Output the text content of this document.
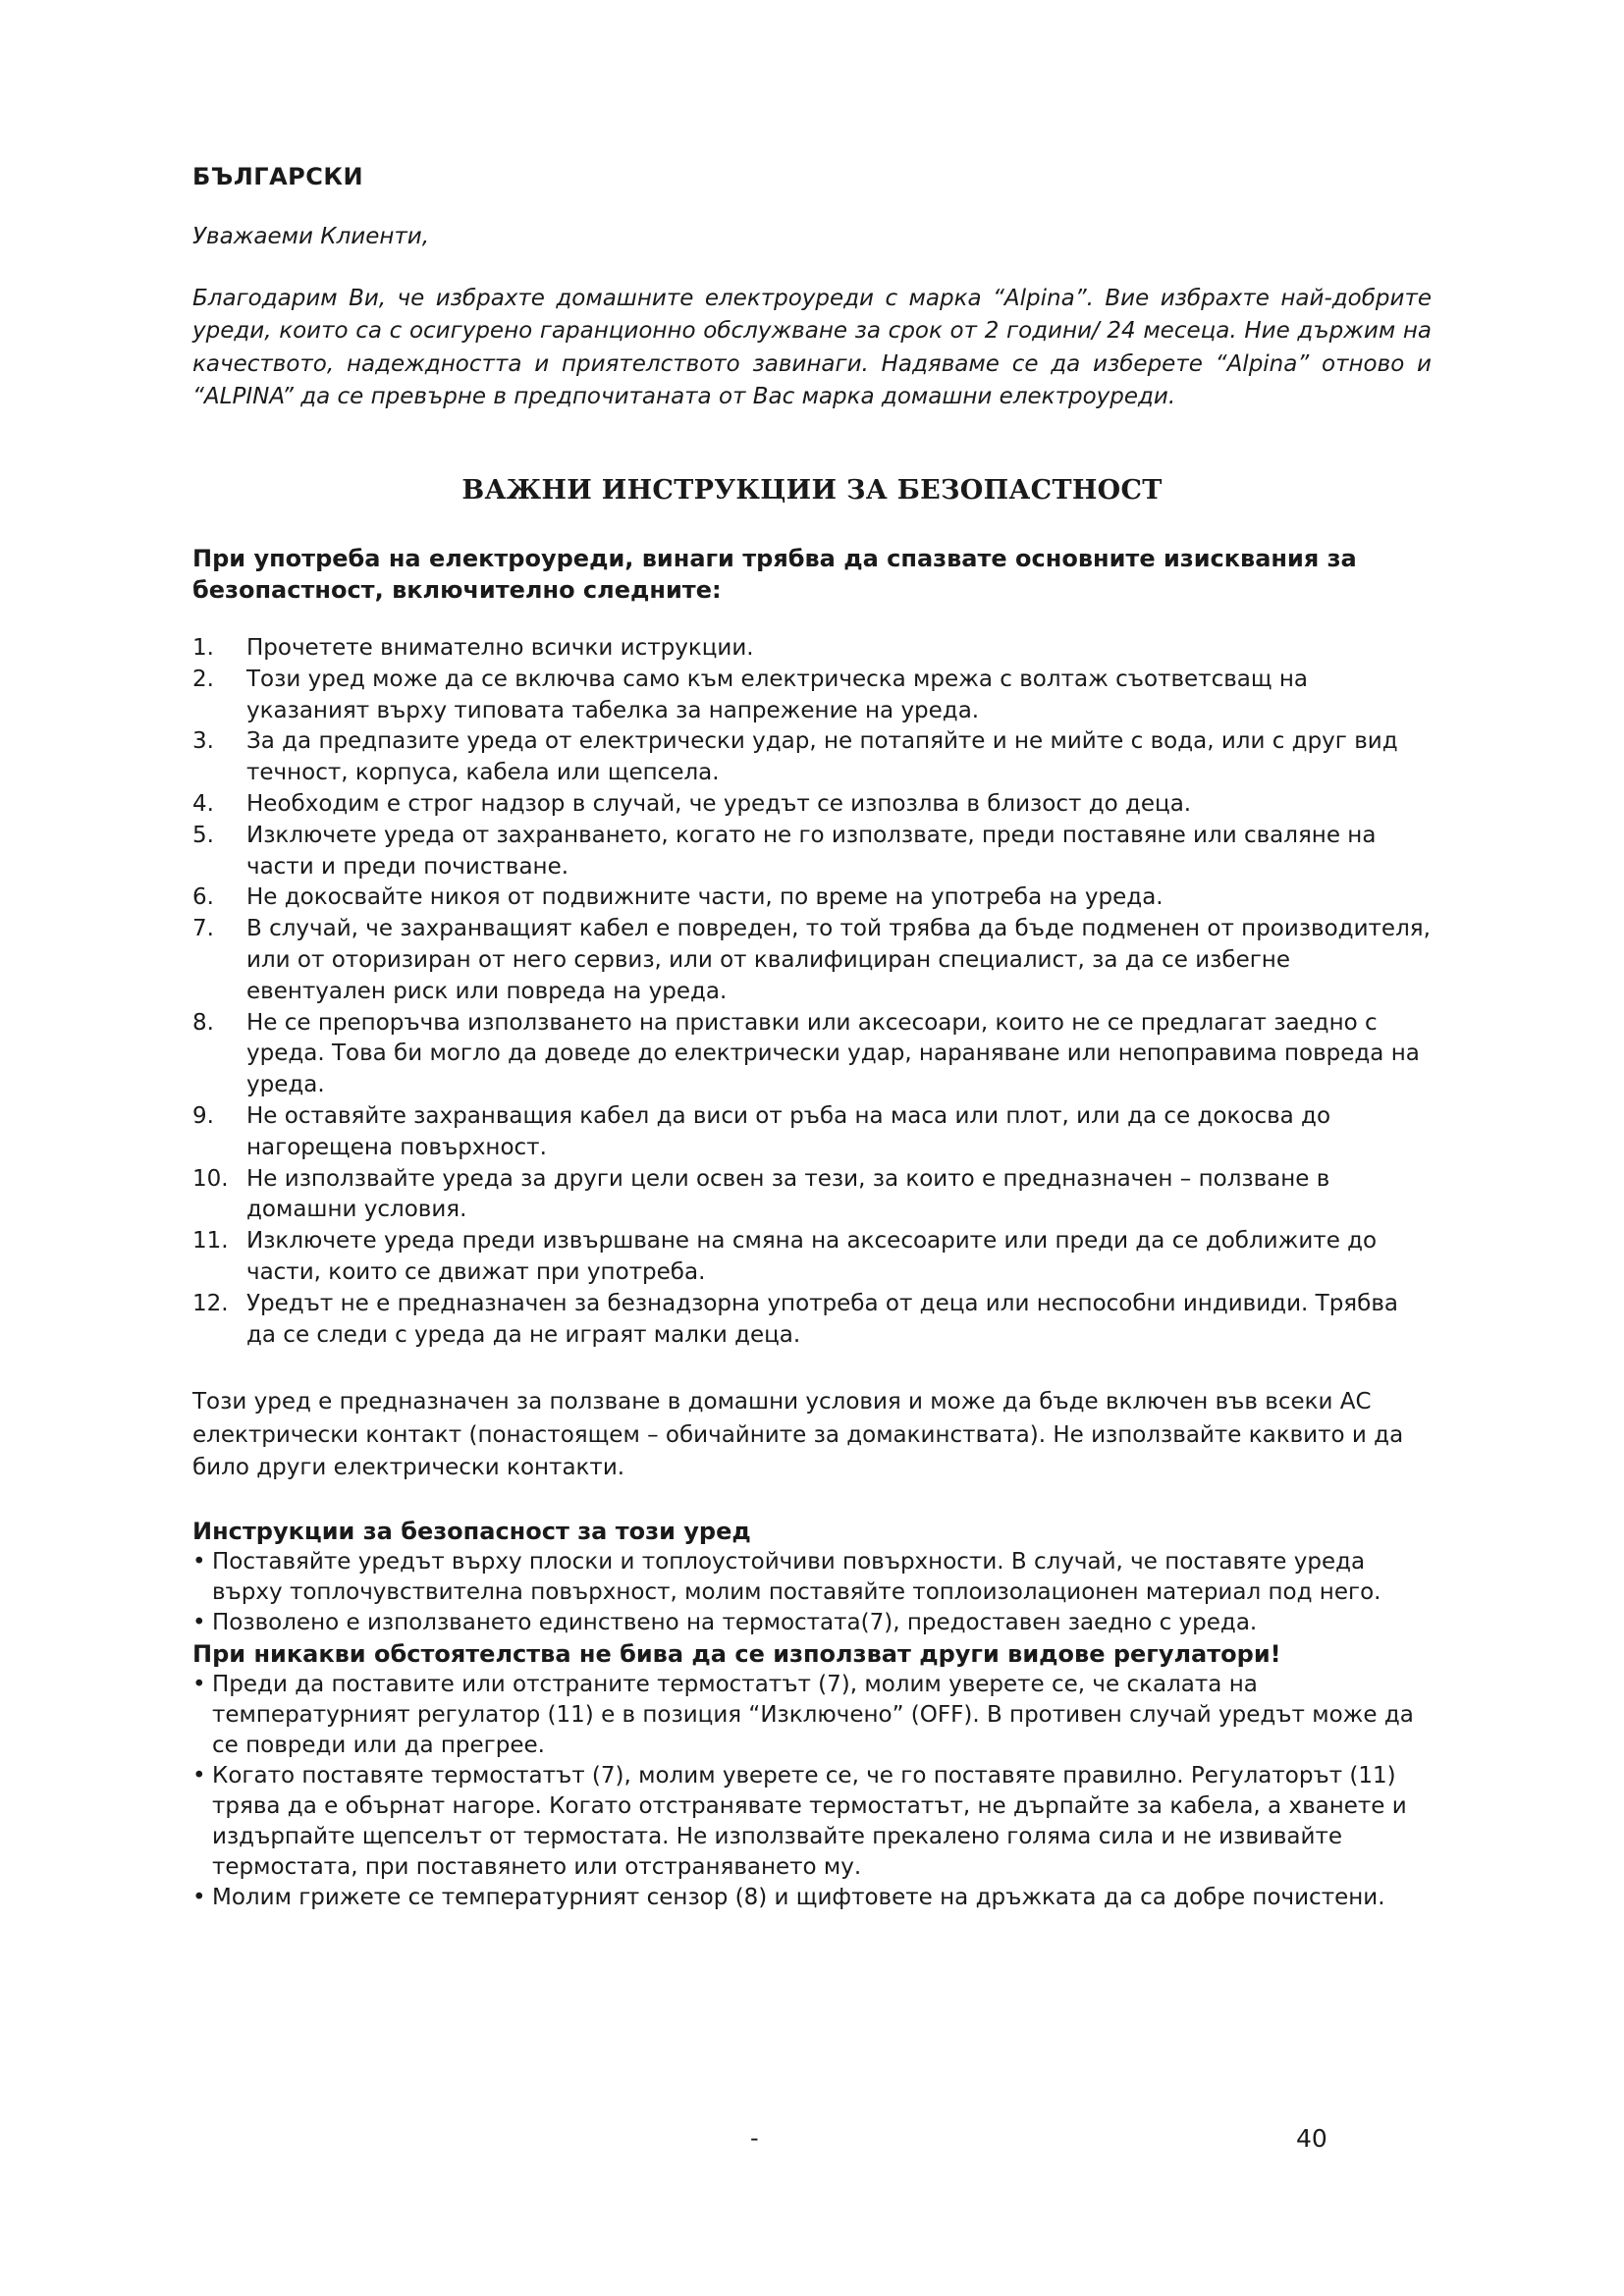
БЪЛГАРСКИ
Уважаеми Клиенти,

Благодарим Ви, че избрахте домашните електроуреди с марка “Alpina”. Вие избрахте най-добрите уреди, които са с осигурено гаранционно обслужване за срок от 2 години/ 24 месеца. Ние държим на качеството, надеждността и приятелството завинаги. Надяваме се да изберете “Alpina” отново и “ALPINA” да се превърне в предпочитаната от Вас марка домашни електроуреди.

ВАЖНИ ИНСТРУКЦИИ ЗА БЕЗОПАСТНОСТ

При употреба на електроуреди, винаги трябва да спазвате основните изисквания за безопастност, включително следните:

1. Прочетете внимателно всички иструкции.
2. Този уред може да се включва само към електрическа мрежа с волтаж съответсващ на указаният върху типовата табелка за напрежение на уреда.
3. За да предпазите уреда от електрически удар, не потапяйте и не мийте с вода, или с друг вид течност, корпуса, кабела или щепсела.
4. Необходим е строг надзор в случай, че уредът се изпозлва в близост до деца.
5. Изключете уреда от захранването, когато не го използвате, преди поставяне или сваляне на части и преди почистване.
6. Не докосвайте никоя от подвижните части, по време на употреба на уреда.
7. В случай, че захранващият кабел е повреден, то той трябва да бъде подменен от производителя, или от оторизиран от него сервиз, или от квалифициран специалист, за да се избегне евентуален риск или повреда на уреда.
8. Не се препоръчва използването на приставки или аксесоари, които не се предлагат заедно с уреда. Това би могло да доведе до електрически удар, нараняване или непоправима повреда на уреда.
9. Не оставяйте захранващия кабел да виси от ръба на маса или плот, или да се докосва до нагорещена повърхност.
10. Не използвайте уреда за други цели освен за тези, за които е предназначен – ползване в домашни условия.
11. Изключете уреда преди извършване на смяна на аксесоарите или преди да се доближите до части, които се движат при употреба.
12. Уредът не е предназначен за безнадзорна употреба от деца или неспособни индивиди. Трябва да се следи с уреда да не играят малки деца.

Този уред е предназначен за ползване в домашни условия и може да бъде включен във всеки АС електрически контакт (понастоящем – обичайните за домакинствата). Не използвайте каквито и да било други електрически контакти.

Инструкции за безопасност за този уред
• Поставяйте уредът върху плоски и топлоустойчиви повърхности. В случай, че поставяте уреда върху топлочувствителна повърхност, молим поставяйте топлоизолационен материал под него.
• Позволено е използването единствено на термостата(7), предоставен заедно с уреда.

При никакви обстоятелства не бива да се използват други видове регулатори!

• Преди да поставите или отстраните термостатът (7), молим уверете се, че скалата на температурният регулатор (11) е в позиция “Изключено” (OFF). В противен случай уредът може да се повреди или да прегрее.
• Когато поставяте термостатът (7), молим уверете се, че го поставяте правилно. Регулаторът (11) трява да е обърнат нагоре. Когато отстранявате термостатът, не дърпайте за кабела, а хванете и издърпайте щепселът от термостата. Не използвайте прекалено голяма сила и не извивайте термостата, при поставянето или отстраняването му.
• Молим грижете се температурният сензор (8) и щифтовете на дръжката да са добре почистени.
-	40
